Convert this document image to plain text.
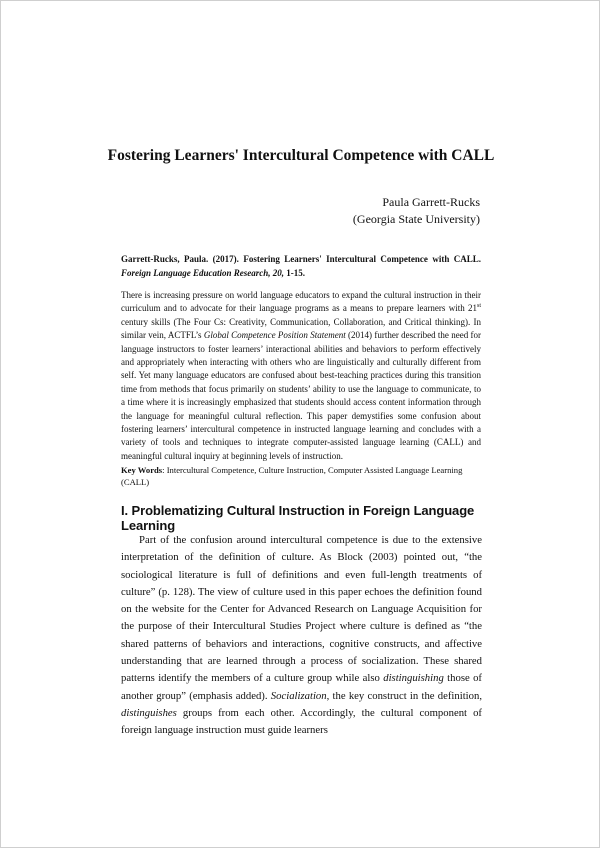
Fostering Learners' Intercultural Competence with CALL
Paula Garrett-Rucks
(Georgia State University)
Garrett-Rucks, Paula. (2017). Fostering Learners' Intercultural Competence with CALL. Foreign Language Education Research, 20, 1-15.

There is increasing pressure on world language educators to expand the cultural instruction in their curriculum and to advocate for their language programs as a means to prepare learners with 21st century skills (The Four Cs: Creativity, Communication, Collaboration, and Critical thinking). In similar vein, ACTFL’s Global Competence Position Statement (2014) further described the need for language instructors to foster learners’ interactional abilities and behaviors to perform effectively and appropriately when interacting with others who are linguistically and culturally different from self. Yet many language educators are confused about best-teaching practices during this transition time from methods that focus primarily on students’ ability to use the language to communicate, to a time where it is increasingly emphasized that students should access content information through the language for meaningful cultural reflection. This paper demystifies some confusion about fostering learners’ intercultural competence in instructed language learning and concludes with a variety of tools and techniques to integrate computer-assisted language learning (CALL) and meaningful cultural inquiry at beginning levels of instruction.

Key Words: Intercultural Competence, Culture Instruction, Computer Assisted Language Learning (CALL)
I. Problematizing Cultural Instruction in Foreign Language Learning

Part of the confusion around intercultural competence is due to the extensive interpretation of the definition of culture. As Block (2003) pointed out, “the sociological literature is full of definitions and even full-length treatments of culture” (p. 128). The view of culture used in this paper echoes the definition found on the website for the Center for Advanced Research on Language Acquisition for the purpose of their Intercultural Studies Project where culture is defined as “the shared patterns of behaviors and interactions, cognitive constructs, and affective understanding that are learned through a process of socialization. These shared patterns identify the members of a culture group while also distinguishing those of another group” (emphasis added). Socialization, the key construct in the definition, distinguishes groups from each other. Accordingly, the cultural component of foreign language instruction must guide learners
